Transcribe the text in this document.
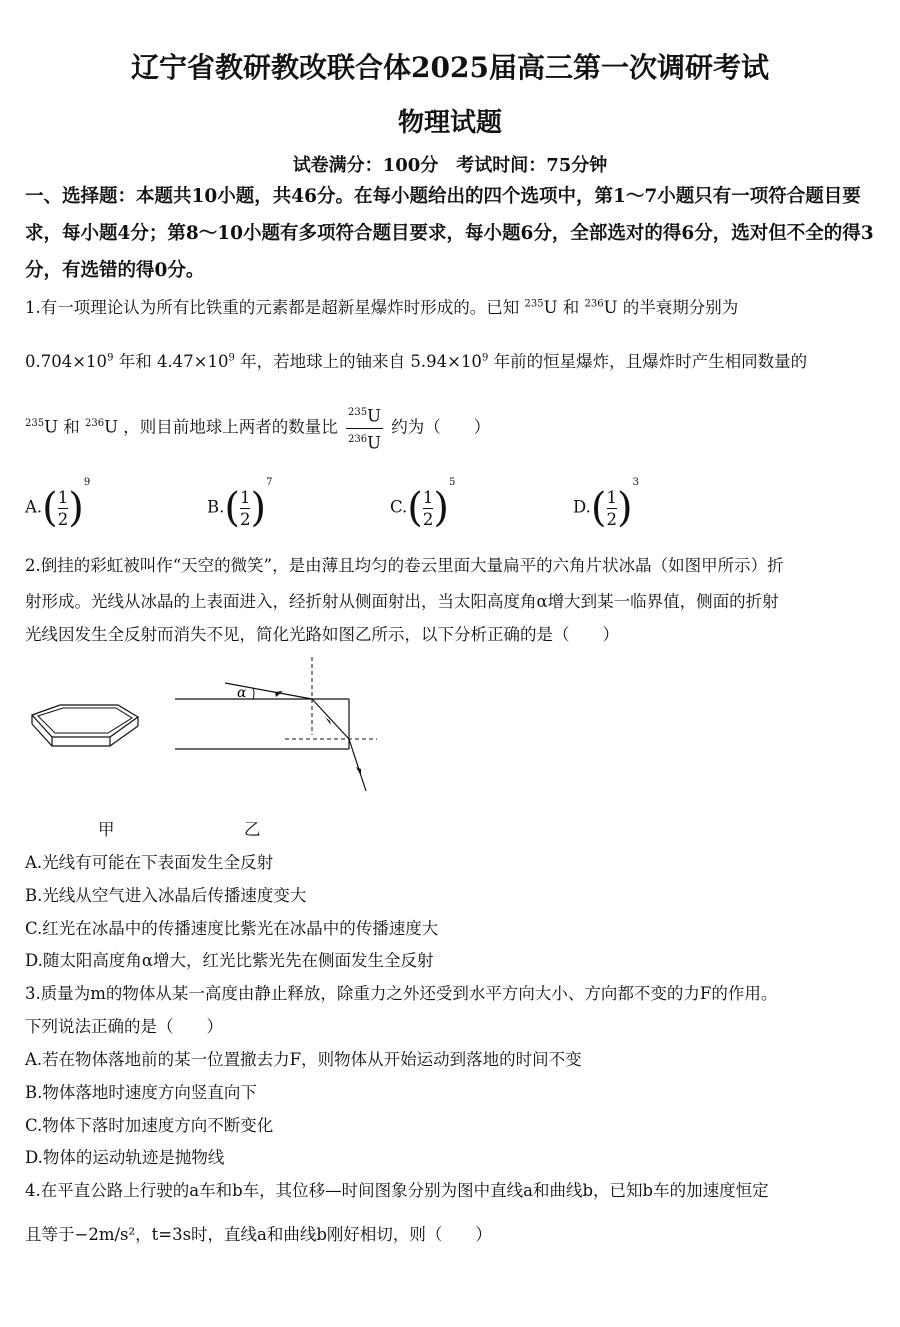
辽宁省教研教改联合体2025届高三第一次调研考试
物理试题
试卷满分：100分　考试时间：75分钟
一、选择题：本题共10小题，共46分。在每小题给出的四个选项中，第1～7小题只有一项符合题目要求，每小题4分；第8～10小题有多项符合题目要求，每小题6分，全部选对的得6分，选对但不全的得3分，有选错的得0分。
1.有一项理论认为所有比铁重的元素都是超新星爆炸时形成的。已知 $^{235}$U 和 $^{236}$U 的半衰期分别为
$0.704\times 10^9$ 年和 $4.47\times 10^9$ 年，若地球上的铀来自 $5.94\times 10^9$ 年前的恒星爆炸，且爆炸时产生相同数量的
$^{235}$U 和 $^{236}$U ，则目前地球上两者的数量比 $\frac{^{235}U}{^{236}U}$ 约为（　　）
$A.( \frac{1}{2} )^9$
$B.( \frac{1}{2} )^7$
$C.( \frac{1}{2} )^5$
$D.( \frac{1}{2} )^3$
2.倒挂的彩虹被叫作“天空的微笑”，是由薄且均匀的卷云里面大量扁平的六角片状冰晶（如图甲所示）折
射形成。光线从冰晶的上表面进入，经折射从侧面射出，当太阳高度角α增大到某一临界值，侧面的折射
光线因发生全反射而消失不见，简化光路如图乙所示，以下分析正确的是（　　）
α
甲	乙
A.光线有可能在下表面发生全反射
B.光线从空气进入冰晶后传播速度变大
C.红光在冰晶中的传播速度比紫光在冰晶中的传播速度大
D.随太阳高度角α增大，红光比紫光先在侧面发生全反射
3.质量为m的物体从某一高度由静止释放，除重力之外还受到水平方向大小、方向都不变的力F的作用。
下列说法正确的是（　　）
A.若在物体落地前的某一位置撤去力F，则物体从开始运动到落地的时间不变
B.物体落地时速度方向竖直向下
C.物体下落时加速度方向不断变化
D.物体的运动轨迹是抛物线
4.在平直公路上行驶的a车和b车，其位移—时间图象分别为图中直线a和曲线b，已知b车的加速度恒定
且等于−2m/s²，t=3s时，直线a和曲线b刚好相切，则（　　）
